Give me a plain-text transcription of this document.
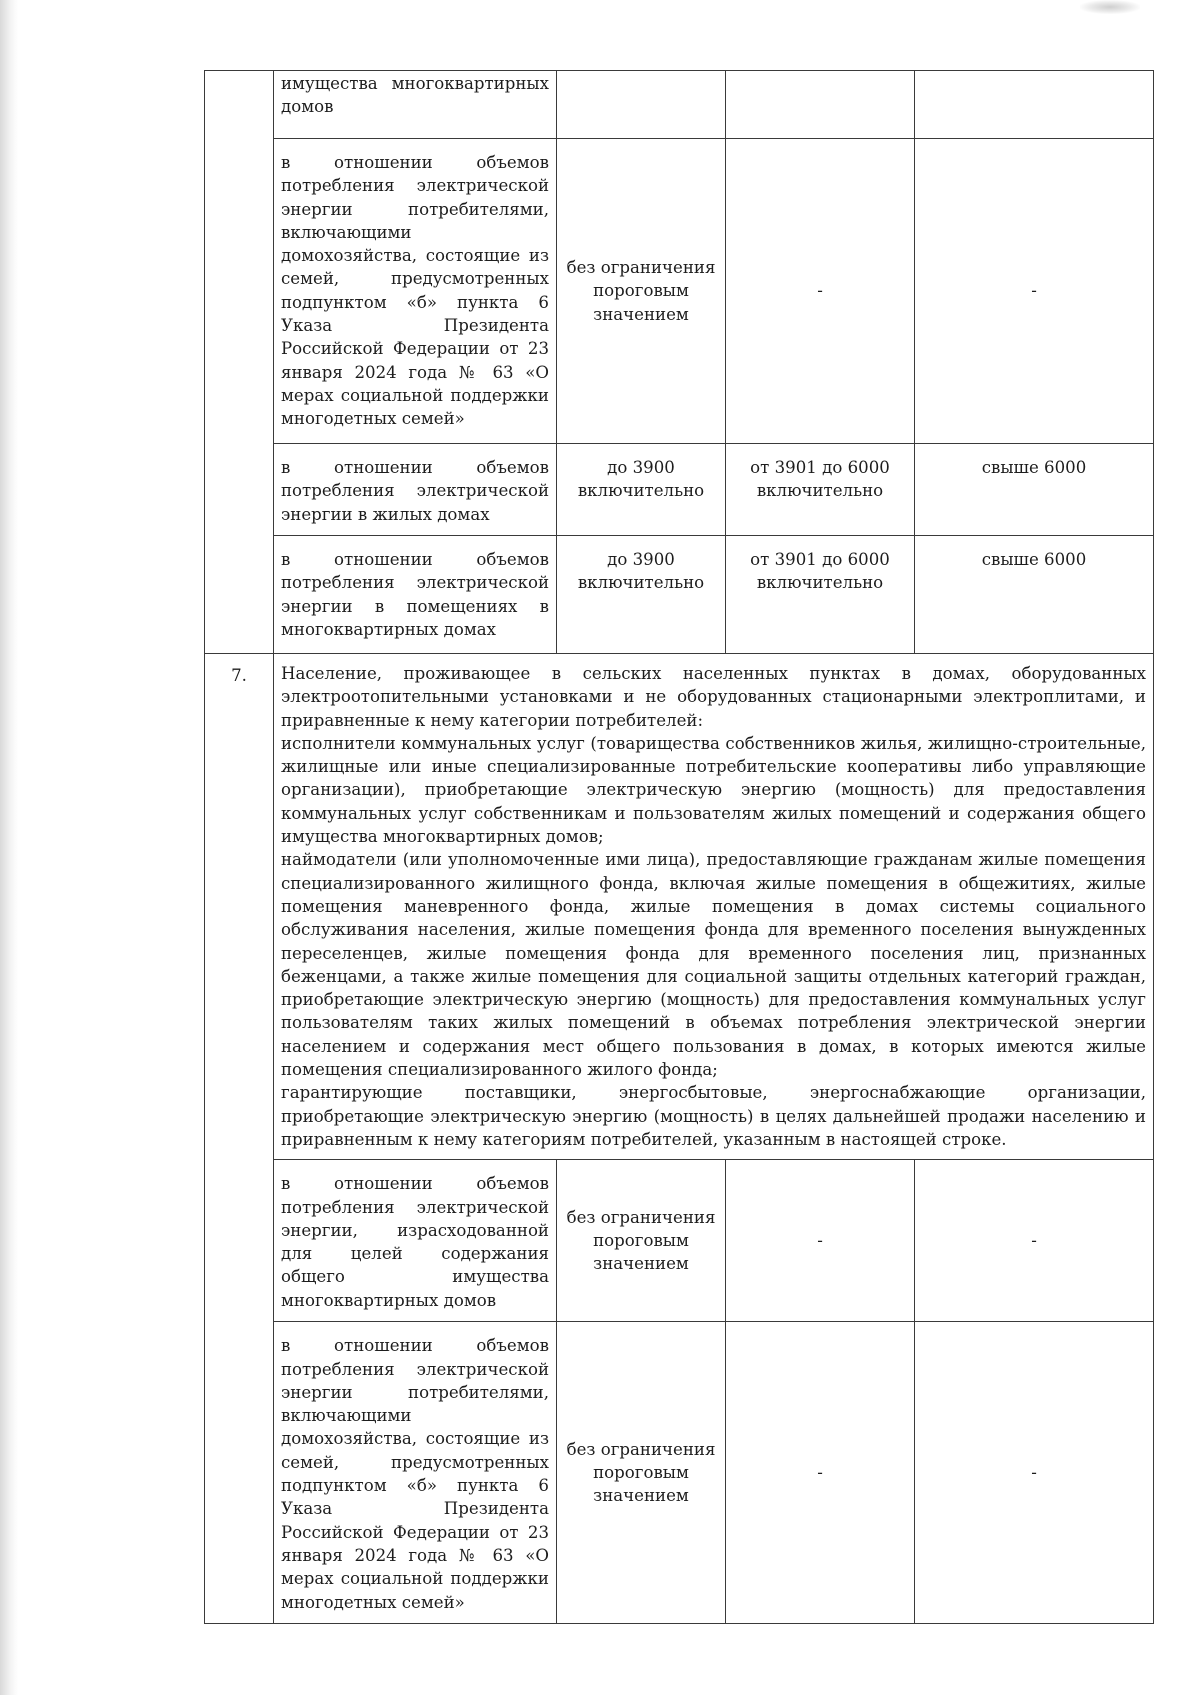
	имущества многоквартирных домов			

	в отношении объемов потребления электрической энергии потребителями, включающими домохозяйства, состоящие из семей, предусмотренных подпунктом «б» пункта 6 Указа Президента Российской Федерации от 23 января 2024 года № 63 «О мерах социальной поддержки многодетных семей»	без ограничения пороговым значением	-	-

	в отношении объемов потребления электрической энергии в жилых домах	до 3900 включительно	от 3901 до 6000 включительно	свыше 6000

	в отношении объемов потребления электрической энергии в помещениях в многоквартирных домах	до 3900 включительно	от 3901 до 6000 включительно	свыше 6000

7.	Население, проживающее в сельских населенных пунктах в домах, оборудованных электроотопительными установками и не оборудованных стационарными электроплитами, и приравненные к нему категории потребителей:

исполнители коммунальных услуг (товарищества собственников жилья, жилищно-строительные, жилищные или иные специализированные потребительские кооперативы либо управляющие организации), приобретающие электрическую энергию (мощность) для предоставления коммунальных услуг собственникам и пользователям жилых помещений и содержания общего имущества многоквартирных домов;

наймодатели (или уполномоченные ими лица), предоставляющие гражданам жилые помещения специализированного жилищного фонда, включая жилые помещения в общежитиях, жилые помещения маневренного фонда, жилые помещения в домах системы социального обслуживания населения, жилые помещения фонда для временного поселения вынужденных переселенцев, жилые помещения фонда для временного поселения лиц, признанных беженцами, а также жилые помещения для социальной защиты отдельных категорий граждан, приобретающие электрическую энергию (мощность) для предоставления коммунальных услуг пользователям таких жилых помещений в объемах потребления электрической энергии населением и содержания мест общего пользования в домах, в которых имеются жилые помещения специализированного жилого фонда;

гарантирующие поставщики, энергосбытовые, энергоснабжающие организации, приобретающие электрическую энергию (мощность) в целях дальнейшей продажи населению и приравненным к нему категориям потребителей, указанным в настоящей строке.			

	в отношении объемов потребления электрической энергии, израсходованной для целей содержания общего имущества многоквартирных домов	без ограничения пороговым значением	-	-

	в отношении объемов потребления электрической энергии потребителями, включающими домохозяйства, состоящие из семей, предусмотренных подпунктом «б» пункта 6 Указа Президента Российской Федерации от 23 января 2024 года № 63 «О мерах социальной поддержки многодетных семей»	без ограничения пороговым значением	-	-
